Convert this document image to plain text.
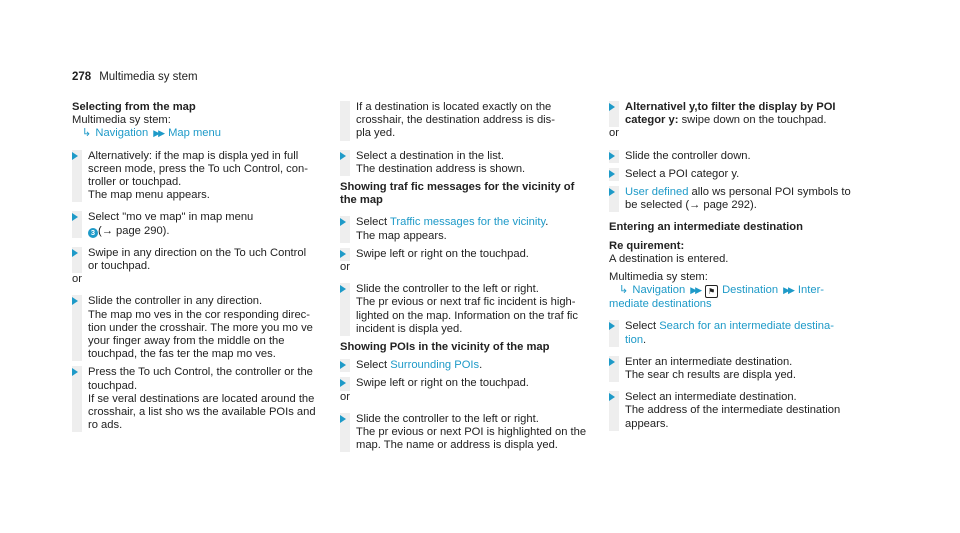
278 Multimedia sy stem

Selecting from the map

Multimedia sy stem:

↳ Navigation ▶▶ Map menu

Alternatively: if the map is displa yed in full
screen mode, press the To uch Control, con‐
troller or touchpad.
The map menu appears.
Select "mo ve map" in map menu
3 (→ page 290).
Swipe in any direction on the To uch Control
or touchpad.

or

Slide the controller in any direction.
The map mo ves in the cor responding direc‐
tion under the crosshair. The more you mo ve
your finger away from the middle on the
touchpad, the fas ter the map mo ves.
Press the To uch Control, the controller or the
touchpad.
If se veral destinations are located around the
crosshair, a list sho ws the available POIs and
ro ads.
If a destination is located exactly on the
crosshair, the destination address is dis‐
pla yed.
Select a destination in the list.
The destination address is shown.

Showing traf fic messages for the vicinity of

the map

Select Traffic messages for the vicinity.
The map appears.
Swipe left or right on the touchpad.

or

Slide the controller to the left or right.
The pr evious or next traf fic incident is high‐
lighted on the map. Information on the traf fic
incident is displa yed.

Showing POIs in the vicinity of the map

Select Surrounding POIs.
Swipe left or right on the touchpad.

or

Slide the controller to the left or right.
The pr evious or next POI is highlighted on the
map. The name or address is displa yed.
Alternativel y,to filter the display by POI
categor y: swipe down on the touchpad.

or

Slide the controller down.
Select a POI categor y.
User defined allo ws personal POI symbols to
be selected (→ page 292).

Entering an intermediate destination

Re quirement:

A destination is entered.

Multimedia sy stem:

↳ Navigation ▶▶ ⚑ Destination ▶▶ Inter‐

mediate destinations

Select Search for an intermediate destina‐
tion.
Enter an intermediate destination.
The sear ch results are displa yed.
Select an intermediate destination.
The address of the intermediate destination
appears.
